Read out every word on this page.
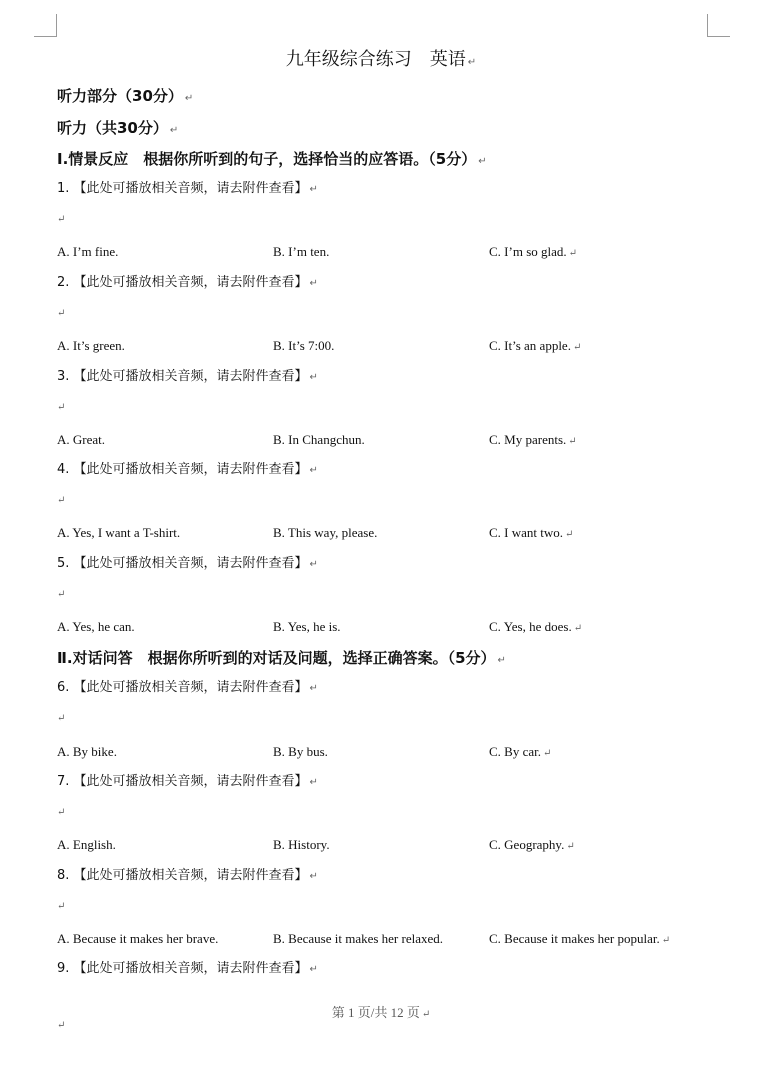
九年级综合练习　英语 ↵
听力部分（30分） ↵
听力（共30分） ↵
Ⅰ.情景反应　根据你所听到的句子，选择恰当的应答语。（5分） ↵
1. 【此处可播放相关音频，请去附件查看】 ↵
↵
A. I’m fine.	B. I’m ten.	C. I’m so glad. ↵
2. 【此处可播放相关音频，请去附件查看】 ↵
↵
A. It’s green.	B. It’s 7:00.	C. It’s an apple. ↵
3. 【此处可播放相关音频，请去附件查看】 ↵
↵
A. Great.	B. In Changchun.	C. My parents. ↵
4. 【此处可播放相关音频，请去附件查看】 ↵
↵
A. Yes, I want a T-shirt.	B. This way, please.	C. I want two. ↵
5. 【此处可播放相关音频，请去附件查看】 ↵
↵
A. Yes, he can.	B. Yes, he is.	C. Yes, he does. ↵
Ⅱ.对话问答　根据你所听到的对话及问题，选择正确答案。（5分） ↵
6. 【此处可播放相关音频，请去附件查看】 ↵
↵
A. By bike.	B. By bus.	C. By car. ↵
7. 【此处可播放相关音频，请去附件查看】 ↵
↵
A. English.	B. History.	C. Geography. ↵
8. 【此处可播放相关音频，请去附件查看】 ↵
↵
A. Because it makes her brave.	B. Because it makes her relaxed.	C. Because it makes her popular. ↵
9. 【此处可播放相关音频，请去附件查看】 ↵
第 1 页/共 12 页 ↵
↵
